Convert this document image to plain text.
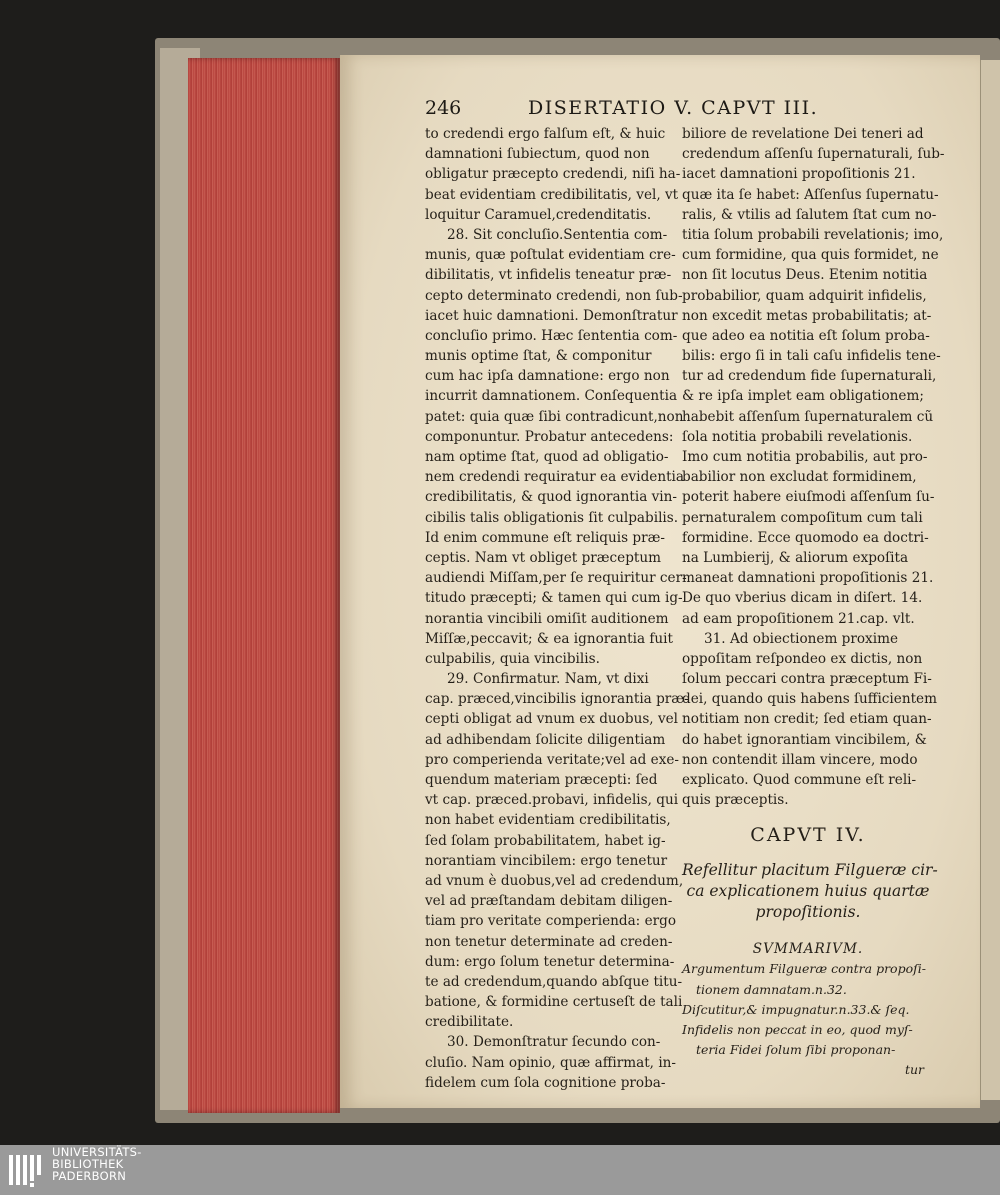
246	DISERTATIO V. CAPVT III.
to credendi ergo falſum eſt, & huic
damnationi ſubiectum, quod non
obligatur præcepto credendi, niſi ha-
beat evidentiam credibilitatis, vel, vt
loquitur Caramuel,credenditatis.
28. Sit concluſio.Sententia com-
munis, quæ poſtulat evidentiam cre-
dibilitatis, vt infidelis teneatur præ-
cepto determinato credendi, non ſub-
iacet huic damnationi. Demonſtratur
concluſio primo. Hæc ſententia com-
munis optime ſtat, & componitur
cum hac ipſa damnatione: ergo non
incurrit damnationem. Conſequentia
patet: quia quæ ſibi contradicunt,non
componuntur. Probatur antecedens:
nam optime ſtat, quod ad obligatio-
nem credendi requiratur ea evidentia
credibilitatis, & quod ignorantia vin-
cibilis talis obligationis ſit culpabilis.
Id enim commune eſt reliquis præ-
ceptis. Nam vt obliget præceptum
audiendi Miſſam,per ſe requiritur cer-
titudo præcepti; & tamen qui cum ig-
norantia vincibili omiſit auditionem
Miſſæ,peccavit; & ea ignorantia fuit
culpabilis, quia vincibilis.
29. Confirmatur. Nam, vt dixi
cap. præced,vincibilis ignorantia præ-
cepti obligat ad vnum ex duobus, vel
ad adhibendam ſolicite diligentiam
pro comperienda veritate;vel ad exe-
quendum materiam præcepti: ſed
vt cap. præced.probavi, infidelis, qui
non habet evidentiam credibilitatis,
ſed ſolam probabilitatem, habet ig-
norantiam vincibilem: ergo tenetur
ad vnum è duobus,vel ad credendum,
vel ad præſtandam debitam diligen-
tiam pro veritate comperienda: ergo
non tenetur determinate ad creden-
dum: ergo ſolum tenetur determina-
te ad credendum,quando abſque titu-
batione, & formidine certuseſt de tali
credibilitate.
30. Demonſtratur ſecundo con-
cluſio. Nam opinio, quæ affirmat, in-
fidelem cum ſola cognitione proba-
biliore de revelatione Dei teneri ad
credendum aſſenſu ſupernaturali, ſub-
iacet damnationi propoſitionis 21.
quæ ita ſe habet: Aſſenſus ſupernatu-
ralis, & vtilis ad ſalutem ſtat cum no-
titia ſolum probabili revelationis; imo,
cum formidine, qua quis formidet, ne
non ſit locutus Deus. Etenim notitia
probabilior, quam adquirit infidelis,
non excedit metas probabilitatis; at-
que adeo ea notitia eſt ſolum proba-
bilis: ergo ſi in tali caſu infidelis tene-
tur ad credendum fide ſupernaturali,
& re ipſa implet eam obligationem;
habebit aſſenſum ſupernaturalem cũ
ſola notitia probabili revelationis.
Imo cum notitia probabilis, aut pro-
babilior non excludat formidinem,
poterit habere eiuſmodi aſſenſum ſu-
pernaturalem compoſitum cum tali
formidine. Ecce quomodo ea doctri-
na Lumbierij, & aliorum expoſita
maneat damnationi propoſitionis 21.
De quo vberius dicam in diſert. 14.
ad eam propoſitionem 21.cap. vlt.
31. Ad obiectionem proxime
oppoſitam reſpondeo ex dictis, non
ſolum peccari contra præceptum Fi-
dei, quando quis habens ſufficientem
notitiam non credit; ſed etiam quan-
do habet ignorantiam vincibilem, &
non contendit illam vincere, modo
explicato. Quod commune eſt reli-
quis præceptis.
CAPVT IV.
Refellitur placitum Filgueræ cir-
ca explicationem huius quartæ
propoſitionis.
SVMMARIVM.
Argumentum Filgueræ contra propoſi-
tionem damnatam.n.32.
Diſcutitur,& impugnatur.n.33.& ſeq.
Infidelis non peccat in eo, quod myſ-
teria Fidei ſolum ſibi proponan-
tur
UNIVERSITÄTS-
BIBLIOTHEK
PADERBORN
